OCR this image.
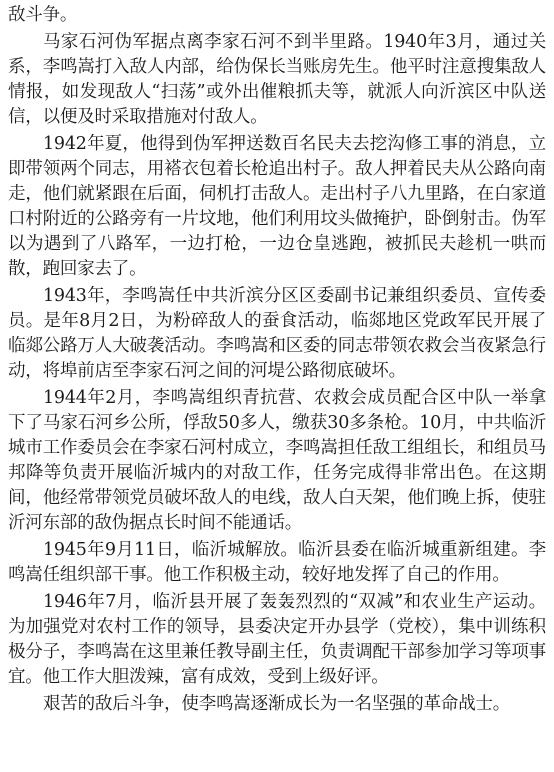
敌斗争。

马家石河伪军据点离李家石河不到半里路。1940年3月，通过关系，李鸣嵩打入敌人内部，给伪保长当账房先生。他平时注意搜集敌人情报，如发现敌人“扫荡”或外出催粮抓夫等，就派人向沂滨区中队送信，以便及时采取措施对付敌人。

1942年夏，他得到伪军押送数百名民夫去挖沟修工事的消息，立即带领两个同志，用褡衣包着长枪追出村子。敌人押着民夫从公路向南走，他们就紧跟在后面，伺机打击敌人。走出村子八九里路，在白家道口村附近的公路旁有一片坟地，他们利用坟头做掩护，卧倒射击。伪军以为遇到了八路军，一边打枪，一边仓皇逃跑，被抓民夫趁机一哄而散，跑回家去了。

1943年，李鸣嵩任中共沂滨分区区委副书记兼组织委员、宣传委员。是年8月2日，为粉碎敌人的蚕食活动，临郯地区党政军民开展了临郯公路万人大破袭活动。李鸣嵩和区委的同志带领农救会当夜紧急行动，将埠前店至李家石河之间的河堤公路彻底破坏。

1944年2月，李鸣嵩组织青抗营、农救会成员配合区中队一举拿下了马家石河乡公所，俘敌50多人，缴获30多条枪。10月，中共临沂城市工作委员会在李家石河村成立，李鸣嵩担任敌工组组长，和组员马邦降等负责开展临沂城内的对敌工作，任务完成得非常出色。在这期间，他经常带领党员破坏敌人的电线，敌人白天架，他们晚上拆，使驻沂河东部的敌伪据点长时间不能通话。

1945年9月11日，临沂城解放。临沂县委在临沂城重新组建。李鸣嵩任组织部干事。他工作积极主动，较好地发挥了自己的作用。

1946年7月，临沂县开展了轰轰烈烈的“双减”和农业生产运动。为加强党对农村工作的领导，县委决定开办县学（党校），集中训练积极分子，李鸣嵩在这里兼任教导副主任，负责调配干部参加学习等项事宜。他工作大胆泼辣，富有成效，受到上级好评。

艰苦的敌后斗争，使李鸣嵩逐渐成长为一名坚强的革命战士。
